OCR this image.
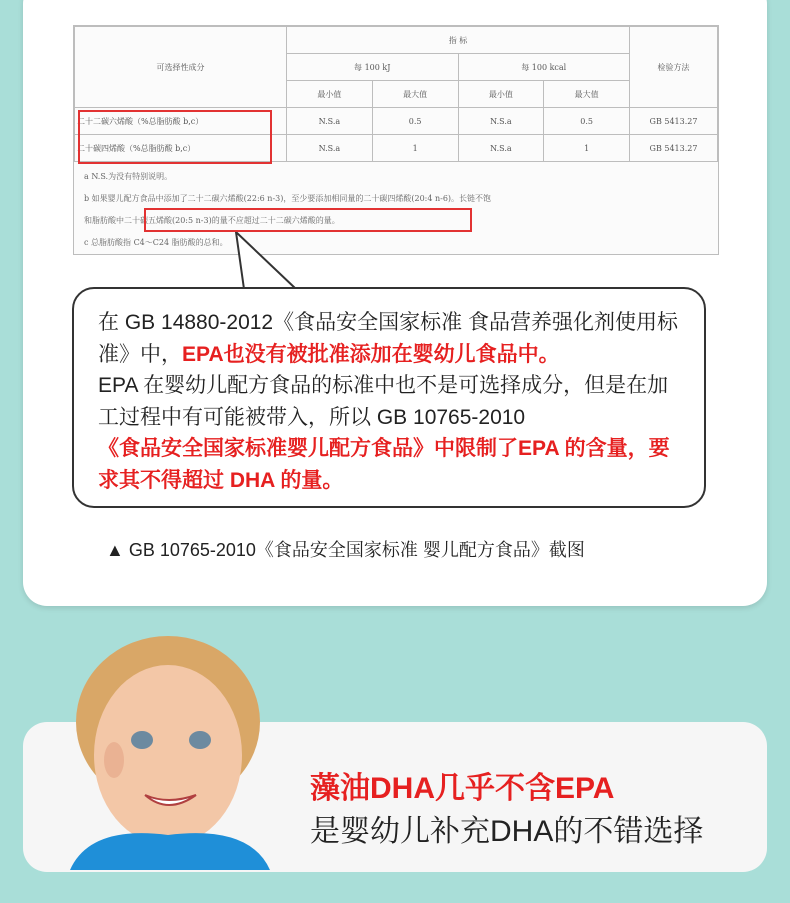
可选择性成分	指 标				检验方法
	每 100 kJ		每 100 kcal		
	最小值	最大值	最小值	最大值	
二十二碳六烯酸（%总脂肪酸 b,c）	N.S.a	0.5	N.S.a	0.5	GB 5413.27
二十碳四烯酸（%总脂肪酸 b,c）	N.S.a	1	N.S.a	1	GB 5413.27
a N.S.为没有特别说明。
b 如果婴儿配方食品中添加了二十二碳六烯酸(22:6 n-3)，至少要添加相同量的二十碳四烯酸(20:4 n-6)。长链不饱
和脂肪酸中二十碳五烯酸(20:5 n-3)的量不应超过二十二碳六烯酸的量。
c 总脂肪酸指 C4～C24 脂肪酸的总和。
在 GB 14880-2012《食品安全国家标准 食品营养强化剂使用标准》中，EPA也没有被批准添加在婴幼儿食品中。
EPA 在婴幼儿配方食品的标准中也不是可选择成分，但是在加工过程中有可能被带入，所以 GB 10765-2010
《食品安全国家标准婴儿配方食品》中限制了EPA 的含量，要求其不得超过 DHA 的量。
▲ GB 10765-2010《食品安全国家标准 婴儿配方食品》截图
藻油DHA几乎不含EPA
是婴幼儿补充DHA的不错选择
